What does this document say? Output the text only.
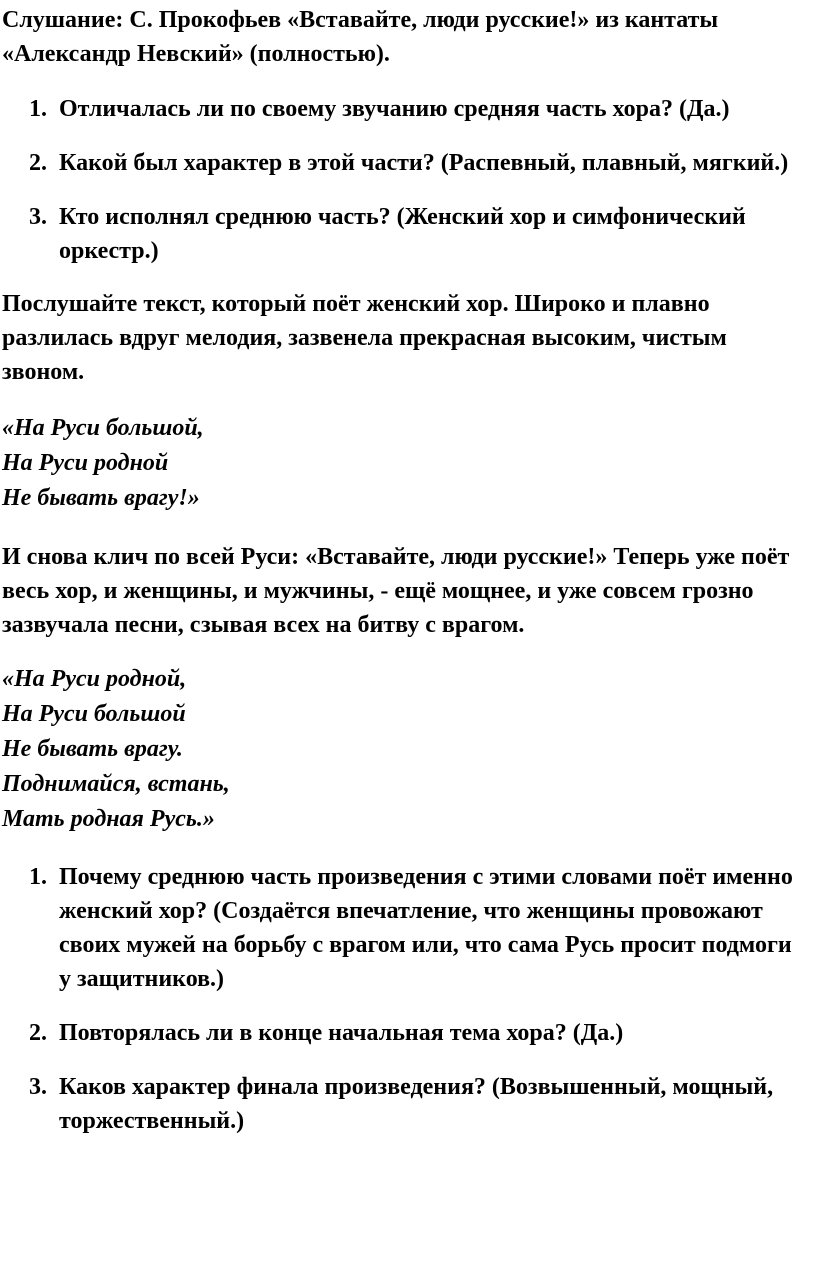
Слушание: С. Прокофьев «Вставайте, люди русские!» из кантаты «Александр Невский» (полностью).

1. Отличалась ли по своему звучанию средняя часть хора? (Да.)
2. Какой был характер в этой части? (Распевный, плавный, мягкий.)
3. Кто исполнял среднюю часть? (Женский хор и симфонический оркестр.)

Послушайте текст, который поёт женский хор. Широко и плавно разлилась вдруг мелодия, зазвенела прекрасная высоким, чистым звоном.

«На Руси большой,
На Руси родной
Не бывать врагу!»

И снова клич по всей Руси: «Вставайте, люди русские!» Теперь уже поёт весь хор, и женщины, и мужчины, - ещё мощнее, и уже совсем грозно зазвучала песни, сзывая всех на битву с врагом.

«На Руси родной,
На Руси большой
Не бывать врагу.
Поднимайся, встань,
Мать родная Русь.»
1. Почему среднюю часть произведения с этими словами поёт именно женский хор? (Создаётся впечатление, что женщины провожают своих мужей на борьбу с врагом или, что сама Русь просит подмоги у защитников.)
2. Повторялась ли в конце начальная тема хора? (Да.)
3. Каков характер финала произведения? (Возвышенный, мощный, торжественный.)
